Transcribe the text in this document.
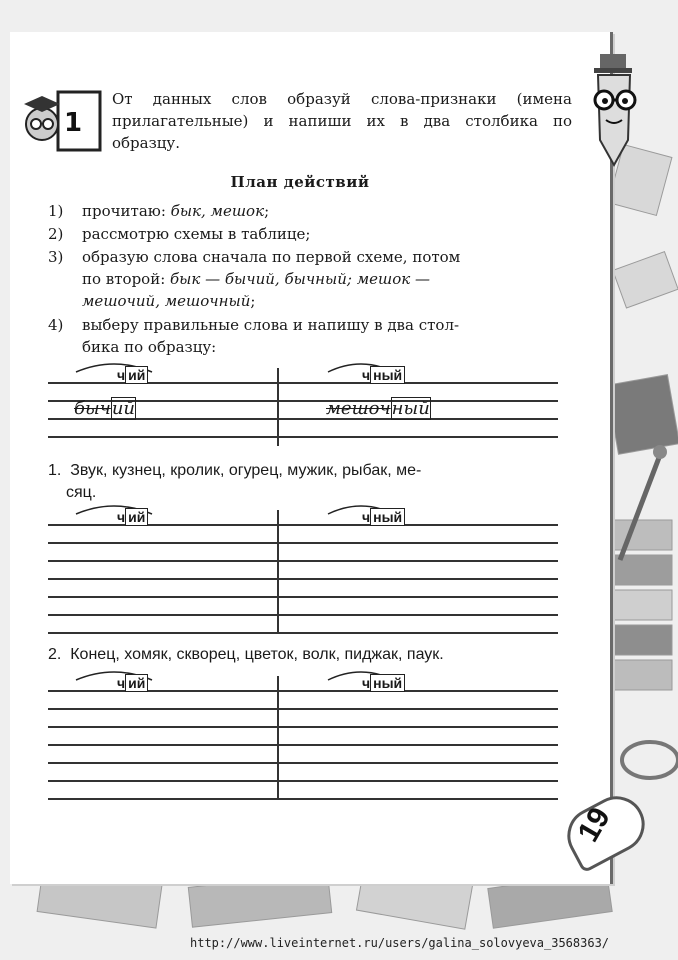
1
От данных слов образуй слова-признаки (имена прилагательные) и напиши их в два столбика по образцу.
План действий
1) прочитаю: бык, мешок;
2) рассмотрю схемы в таблице;
3) образую слова сначала по первой схеме, потом
по второй: бык — бычий, бычный; мешок —
мешочий, мешочный;
4) выберу правильные слова и напишу в два стол-
бика по образцу:
ч ий	ч ный
бычий	мешочный
1. Звук, кузнец, кролик, огурец, мужик, рыбак, ме-
сяц.
ч ий	ч ный
2. Конец, хомяк, скворец, цветок, волк, пиджак, паук.
ч ий	ч ный
19
http://www.liveinternet.ru/users/galina_solovyeva_3568363/
